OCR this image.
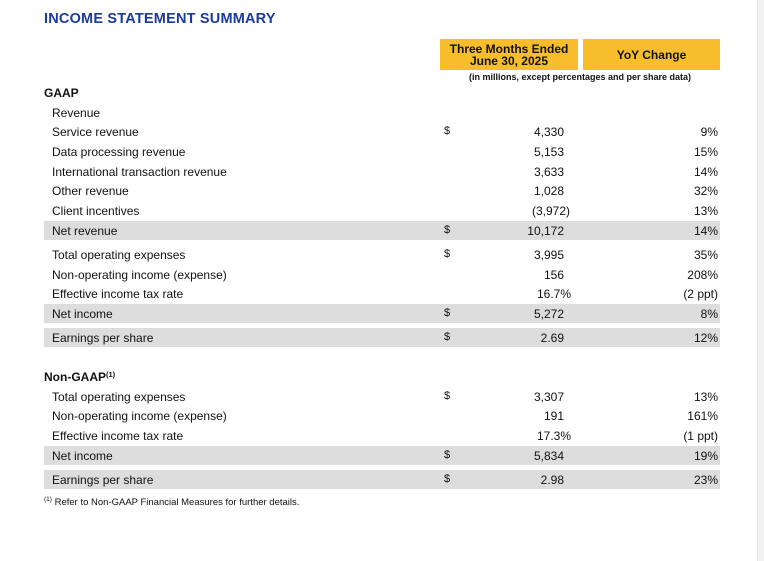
INCOME STATEMENT SUMMARY
Three Months Ended
June 30, 2025	YoY Change
(in millions, except percentages and per share data)
GAAP
Revenue
Service revenue	$	4,330	9%
Data processing revenue	5,153	15%
International transaction revenue	3,633	14%
Other revenue	1,028	32%
Client incentives	(3,972)	13%
Net revenue	$	10,172	14%
Total operating expenses	$	3,995	35%
Non-operating income (expense)	156	208%
Effective income tax rate	16.7%	(2 ppt)
Net income	$	5,272	8%
Earnings per share	$	2.69	12%
Non-GAAP$^{(1)}$
Total operating expenses	$	3,307	13%
Non-operating income (expense)	191	161%
Effective income tax rate	17.3%	(1 ppt)
Net income	$	5,834	19%
Earnings per share	$	2.98	23%
$^{(1)}$ Refer to Non-GAAP Financial Measures for further details.
